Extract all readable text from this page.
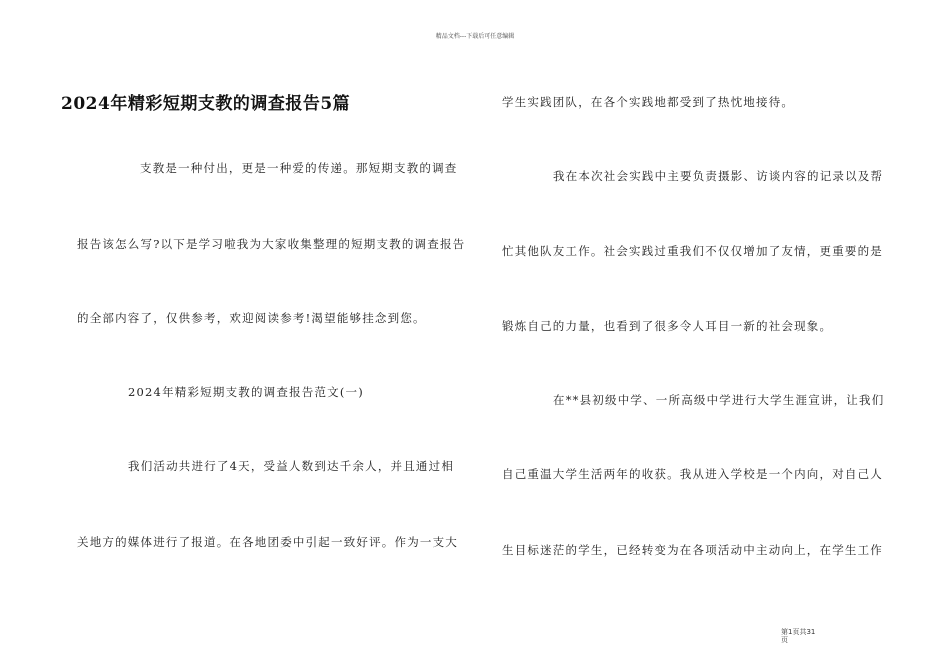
精品文档---下载后可任意编辑
2024年精彩短期支教的调查报告5篇
支教是一种付出，更是一种爱的传递。那短期支教的调查
报告该怎么写?以下是学习啦我为大家收集整理的短期支教的调查报告
的全部内容了，仅供参考，欢迎阅读参考!渴望能够挂念到您。
2024年精彩短期支教的调查报告范文(一)
我们活动共进行了4天，受益人数到达千余人，并且通过相
关地方的媒体进行了报道。在各地团委中引起一致好评。作为一支大
学生实践团队，在各个实践地都受到了热忱地接待。
我在本次社会实践中主要负责摄影、访谈内容的记录以及帮
忙其他队友工作。社会实践过重我们不仅仅增加了友情，更重要的是
锻炼自己的力量，也看到了很多令人耳目一新的社会现象。
在**县初级中学、一所高级中学进行大学生涯宣讲，让我们
自己重温大学生活两年的收获。我从进入学校是一个内向，对自己人
生目标迷茫的学生，已经转变为在各项活动中主动向上，在学生工作
第1页共31
页
